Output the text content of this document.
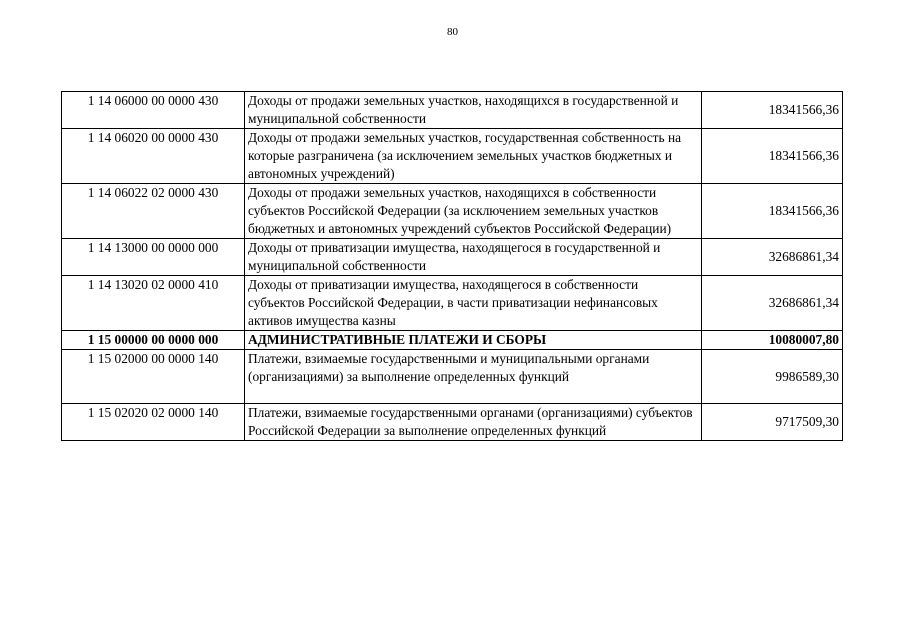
80
1 14 06000 00 0000 430	Доходы от продажи земельных участков, находящихся в государственной и муниципальной собственности	18341566,36
1 14 06020 00 0000 430	Доходы от продажи земельных участков, государственная собственность на которые разграничена (за исключением земельных участков бюджетных и автономных учреждений)	18341566,36
1 14 06022 02 0000 430	Доходы от продажи земельных участков, находящихся в собственности субъектов Российской Федерации (за исключением земельных участков бюджетных и автономных учреждений субъектов Российской Федерации)	18341566,36
1 14 13000 00 0000 000	Доходы от приватизации имущества, находящегося в государственной и муниципальной собственности	32686861,34
1 14 13020 02 0000 410	Доходы от приватизации имущества, находящегося в собственности субъектов Российской Федерации, в части приватизации нефинансовых активов имущества казны	32686861,34
1 15 00000 00 0000 000	АДМИНИСТРАТИВНЫЕ ПЛАТЕЖИ И СБОРЫ	10080007,80
1 15 02000 00 0000 140	Платежи, взимаемые государственными и муниципальными органами (организациями) за выполнение определенных функций	9986589,30
1 15 02020 02 0000 140	Платежи, взимаемые государственными органами (организациями) субъектов Российской Федерации за выполнение определенных функций	9717509,30
